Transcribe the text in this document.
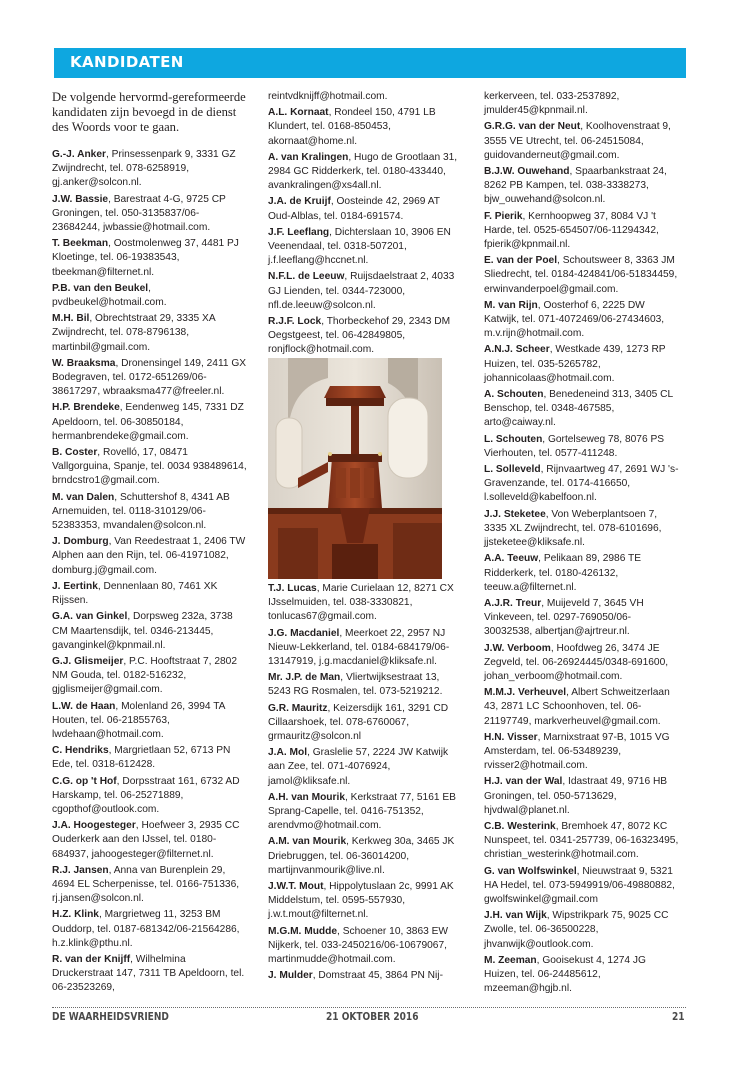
KANDIDATEN

De volgende hervormd-gereformeerde kandidaten zijn bevoegd in de dienst des Woords voor te gaan.

G.-J. Anker, Prinsessenpark 9, 3331 GZ Zwijndrecht, tel. 078-6258919, gj.anker@solcon.nl.

J.W. Bassie, Barestraat 4-G, 9725 CP Groningen, tel. 050-3135837/06-23684244, jwbassie@hotmail.com.

T. Beekman, Oostmolenweg 37, 4481 PJ Kloetinge, tel. 06-19383543, tbeekman@filternet.nl.

P.B. van den Beukel, pvdbeukel@hotmail.com.

M.H. Bil, Obrechtstraat 29, 3335 XA Zwijndrecht, tel. 078-8796138, martinbil@gmail.com.

W. Braaksma, Dronensingel 149, 2411 GX Bodegraven, tel. 0172-651269/06-38617297, wbraaksma477@freeler.nl.

H.P. Brendeke, Eendenweg 145, 7331 DZ Apeldoorn, tel. 06-30850184, hermanbrendeke@gmail.com.

B. Coster, Rovelló, 17, 08471 Vallgorguina, Spanje, tel. 0034 938489614, brndcstro1@gmail.com.

M. van Dalen, Schuttershof 8, 4341 AB Arnemuiden, tel. 0118-310129/06-52383353, mvandalen@solcon.nl.

J. Domburg, Van Reedestraat 1, 2406 TW Alphen aan den Rijn, tel. 06-41971082, domburg.j@gmail.com.

J. Eertink, Dennenlaan 80, 7461 XK Rijssen.

G.A. van Ginkel, Dorpsweg 232a, 3738 CM Maartensdijk, tel. 0346-213445, gavanginkel@kpnmail.nl.

G.J. Glismeijer, P.C. Hooftstraat 7, 2802 NM Gouda, tel. 0182-516232, gjglismeijer@gmail.com.

L.W. de Haan, Molenland 26, 3994 TA Houten, tel. 06-21855763, lwdehaan@hotmail.com.

C. Hendriks, Margrietlaan 52, 6713 PN Ede, tel. 0318-612428.

C.G. op 't Hof, Dorpsstraat 161, 6732 AD Harskamp, tel. 06-25271889, cgopthof@outlook.com.

J.A. Hoogesteger, Hoefweer 3, 2935 CC Ouderkerk aan den IJssel, tel. 0180-684937, jahoogesteger@filternet.nl.

R.J. Jansen, Anna van Burenplein 29, 4694 EL Scherpenisse, tel. 0166-751336, rj.jansen@solcon.nl.

H.Z. Klink, Margrietweg 11, 3253 BM Ouddorp, tel. 0187-681342/06-21564286, h.z.klink@pthu.nl.

R. van der Knijff, Wilhelmina Druckerstraat 147, 7311 TB Apeldoorn, tel. 06-23523269,

reintvdknijff@hotmail.com.

A.L. Kornaat, Rondeel 150, 4791 LB Klundert, tel. 0168-850453, akornaat@home.nl.

A. van Kralingen, Hugo de Grootlaan 31, 2984 GC Ridderkerk, tel. 0180-433440, avankralingen@xs4all.nl.

J.A. de Kruijf, Oosteinde 42, 2969 AT Oud-Alblas, tel. 0184-691574.

J.F. Leeflang, Dichterslaan 10, 3906 EN Veenendaal, tel. 0318-507201, j.f.leeflang@hccnet.nl.

N.F.L. de Leeuw, Ruijsdaelstraat 2, 4033 GJ Lienden, tel. 0344-723000, nfl.de.leeuw@solcon.nl.

R.J.F. Lock, Thorbeckehof 29, 2343 DM Oegstgeest, tel. 06-42849805, ronjflock@hotmail.com.

T.J. Lucas, Marie Curielaan 12, 8271 CX IJsselmuiden, tel. 038-3330821, tonlucas67@gmail.com.

J.G. Macdaniel, Meerkoet 22, 2957 NJ Nieuw-Lekkerland, tel. 0184-684179/06-13147919, j.g.macdaniel@kliksafe.nl.

Mr. J.P. de Man, Vliertwijksestraat 13, 5243 RG Rosmalen, tel. 073-5219212.

G.R. Mauritz, Keizersdijk 161, 3291 CD Cillaarshoek, tel. 078-6760067, grmauritz@solcon.nl

J.A. Mol, Graslelie 57, 2224 JW Katwijk aan Zee, tel. 071-4076924, jamol@kliksafe.nl.

A.H. van Mourik, Kerkstraat 77, 5161 EB Sprang-Capelle, tel. 0416-751352, arendvmo@hotmail.com.

A.M. van Mourik, Kerkweg 30a, 3465 JK Driebruggen, tel. 06-36014200, martijnvanmourik@live.nl.

J.W.T. Mout, Hippolytuslaan 2c, 9991 AK Middelstum, tel. 0595-557930, j.w.t.mout@filternet.nl.

M.G.M. Mudde, Schoener 10, 3863 EW Nijkerk, tel. 033-2450216/06-10679067, martinmudde@hotmail.com.

J. Mulder, Domstraat 45, 3864 PN Nij-

kerkerveen, tel. 033-2537892, jmulder45@kpnmail.nl.

G.R.G. van der Neut, Koolhovenstraat 9, 3555 VE Utrecht, tel. 06-24515084, guidovanderneut@gmail.com.

B.J.W. Ouwehand, Spaarbankstraat 24, 8262 PB Kampen, tel. 038-3338273, bjw_ouwehand@solcon.nl.

F. Pierik, Kernhoopweg 37, 8084 VJ 't Harde, tel. 0525-654507/06-11294342, fpierik@kpnmail.nl.

E. van der Poel, Schoutsweer 8, 3363 JM Sliedrecht, tel. 0184-424841/06-51834459, erwinvanderpoel@gmail.com.

M. van Rijn, Oosterhof 6, 2225 DW Katwijk, tel. 071-4072469/06-27434603, m.v.rijn@hotmail.com.

A.N.J. Scheer, Westkade 439, 1273 RP Huizen, tel. 035-5265782, johannicolaas@hotmail.com.

A. Schouten, Benedeneind 313, 3405 CL Benschop, tel. 0348-467585, arto@caiway.nl.

L. Schouten, Gortelseweg 78, 8076 PS Vierhouten, tel. 0577-411248.

L. Solleveld, Rijnvaartweg 47, 2691 WJ 's-Gravenzande, tel. 0174-416650, l.solleveld@kabelfoon.nl.

J.J. Steketee, Von Weberplantsoen 7, 3335 XL Zwijndrecht, tel. 078-6101696, jjsteketee@kliksafe.nl.

A.A. Teeuw, Pelikaan 89, 2986 TE Ridderkerk, tel. 0180-426132, teeuw.a@filternet.nl.

A.J.R. Treur, Muijeveld 7, 3645 VH Vinkeveen, tel. 0297-769050/06-30032538, albertjan@ajrtreur.nl.

J.W. Verboom, Hoofdweg 26, 3474 JE Zegveld, tel. 06-26924445/0348-691600, johan_verboom@hotmail.com.

M.M.J. Verheuvel, Albert Schweitzerlaan 43, 2871 LC Schoonhoven, tel. 06-21197749, markverheuvel@gmail.com.

H.N. Visser, Marnixstraat 97-B, 1015 VG Amsterdam, tel. 06-53489239, rvisser2@hotmail.com.

H.J. van der Wal, Idastraat 49, 9716 HB Groningen, tel. 050-5713629, hjvdwal@planet.nl.

C.B. Westerink, Bremhoek 47, 8072 KC Nunspeet, tel. 0341-257739, 06-16323495, christian_westerink@hotmail.com.

G. van Wolfswinkel, Nieuwstraat 9, 5321 HA Hedel, tel. 073-5949919/06-49880882, gwolfswinkel@gmail.com

J.H. van Wijk, Wipstrikpark 75, 9025 CC Zwolle, tel. 06-36500228, jhvanwijk@outlook.com.

M. Zeeman, Gooisekust 4, 1274 JG Huizen, tel. 06-24485612, mzeeman@hgjb.nl.

DE WAARHEIDSVRIEND	21 OKTOBER 2016	21
